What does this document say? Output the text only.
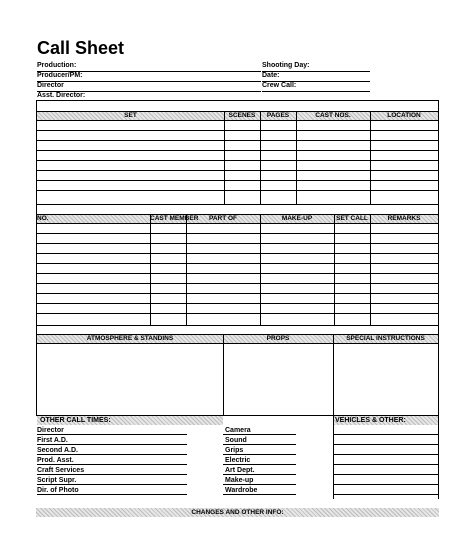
Call Sheet
Production:
Producer/PM:
Director
Asst. Director:
Shooting Day:
Date:
Crew Call:
SET	SCENES	PAGES	CAST NOS.	LOCATION
NO.	CAST MEMBER	PART OF	MAKE-UP	SET CALL	REMARKS
ATMOSPHERE & STANDINS	PROPS	SPECIAL INSTRUCTIONS
OTHER CALL TIMES:
Director
First A.D.
Second A.D.
Prod. Asst.
Craft Services
Script Supr.
Dir. of Photo
Camera
Sound
Grips
Electric
Art Dept.
Make-up
Wardrobe
VEHICLES & OTHER:
CHANGES AND OTHER INFO:
